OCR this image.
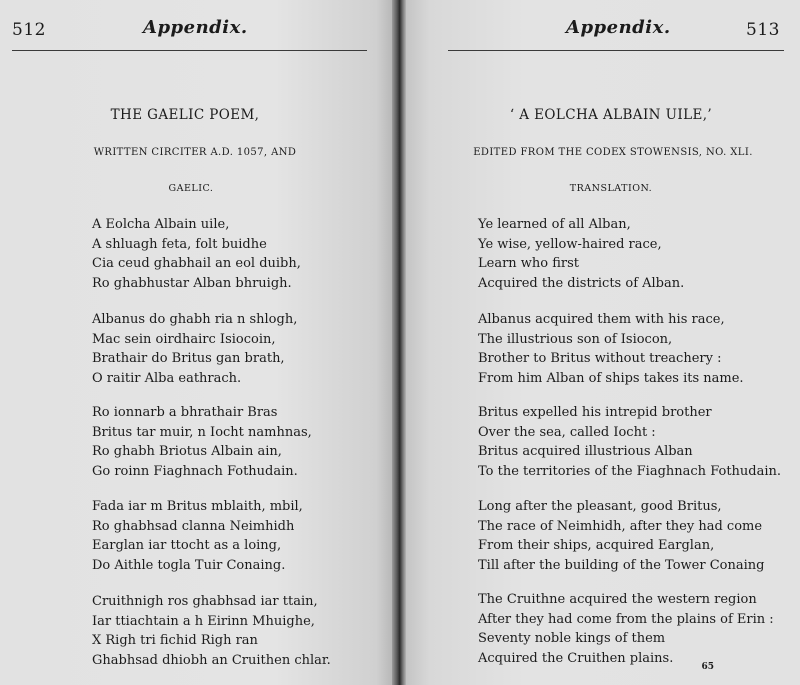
512	Appendix.
THE GAELIC POEM,
WRITTEN CIRCITER A.D. 1057, AND
GAELIC.
A Eolcha Albain uile,
A shluagh feta, folt buidhe
Cia ceud ghabhail an eol duibh,
Ro ghabhustar Alban bhruigh.
Albanus do ghabh ria n shlogh,
Mac sein oirdhairc Isiocoin,
Brathair do Britus gan brath,
O raitir Alba eathrach.
Ro ionnarb a bhrathair Bras
Britus tar muir, n Iocht namhnas,
Ro ghabh Briotus Albain ain,
Go roinn Fiaghnach Fothudain.
Fada iar m Britus mblaith, mbil,
Ro ghabhsad clanna Neimhidh
Earglan iar ttocht as a loing,
Do Aithle togla Tuir Conaing.
Cruithnigh ros ghabhsad iar ttain,
Iar ttiachtain a h Eirinn Mhuighe,
X Righ tri fichid Righ ran
Ghabhsad dhiobh an Cruithen chlar.
Appendix.	513
‘ A EOLCHA ALBAIN UILE,’
EDITED FROM THE CODEX STOWENSIS, NO. XLI.
TRANSLATION.
Ye learned of all Alban,
Ye wise, yellow-haired race,
Learn who first
Acquired the districts of Alban.
Albanus acquired them with his race,
The illustrious son of Isiocon,
Brother to Britus without treachery :
From him Alban of ships takes its name.
Britus expelled his intrepid brother
Over the sea, called Iocht :
Britus acquired illustrious Alban
To the territories of the Fiaghnach Fothudain.
Long after the pleasant, good Britus,
The race of Neimhidh, after they had come
From their ships, acquired Earglan,
Till after the building of the Tower Conaing
The Cruithne acquired the western region
After they had come from the plains of Erin :
Seventy noble kings of them
Acquired the Cruithen plains.
65
